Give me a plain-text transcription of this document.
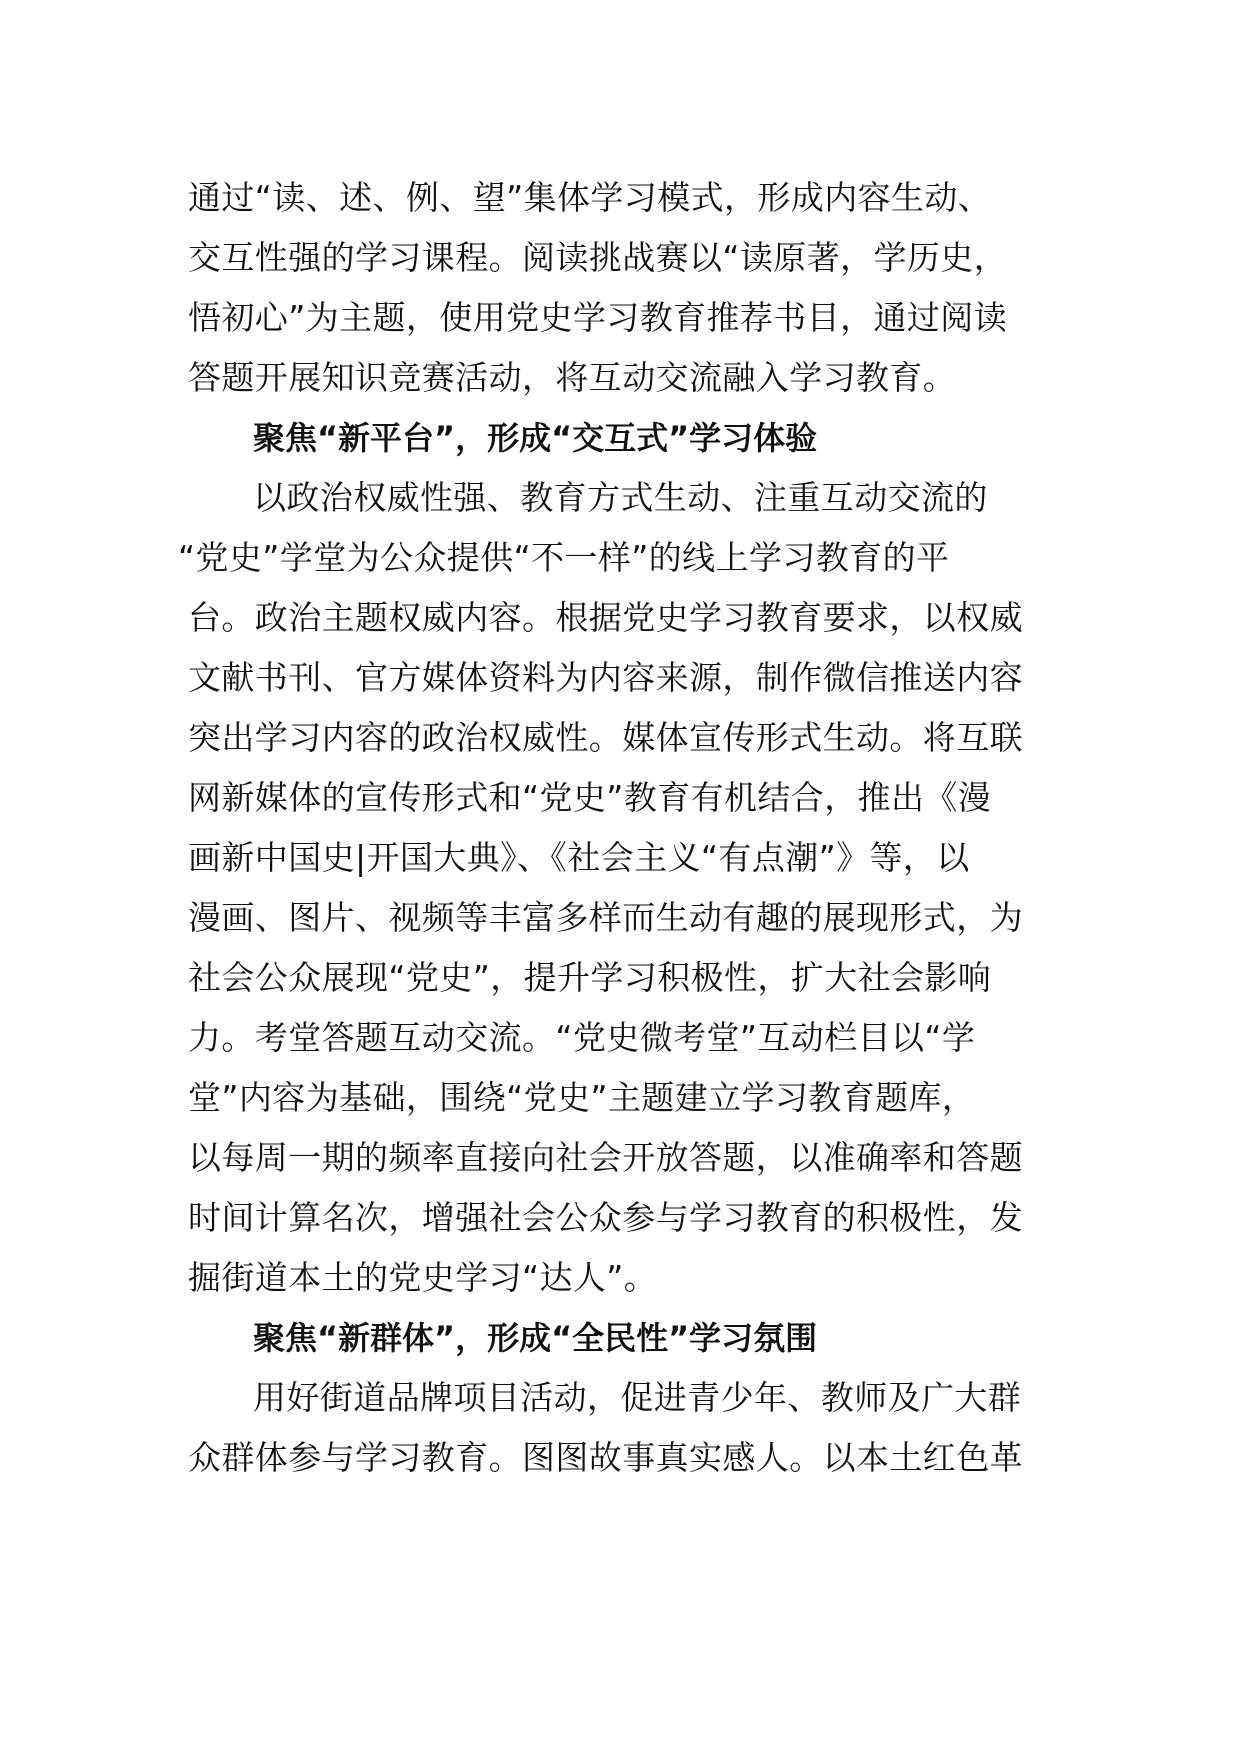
通过“读、述、例、望”集体学习模式，形成内容生动、
交互性强的学习课程。阅读挑战赛以“读原著，学历史，
悟初心”为主题，使用党史学习教育推荐书目，通过阅读
答题开展知识竞赛活动，将互动交流融入学习教育。
聚焦“新平台”，形成“交互式”学习体验
以政治权威性强、教育方式生动、注重互动交流的
“党史”学堂为公众提供“不一样”的线上学习教育的平
台。政治主题权威内容。根据党史学习教育要求，以权威
文献书刊、官方媒体资料为内容来源，制作微信推送内容
突出学习内容的政治权威性。媒体宣传形式生动。将互联
网新媒体的宣传形式和“党史”教育有机结合，推出《漫
画新中国史|开国大典》、《社会主义“有点潮”》等，以
漫画、图片、视频等丰富多样而生动有趣的展现形式，为
社会公众展现“党史”，提升学习积极性，扩大社会影响
力。考堂答题互动交流。“党史微考堂”互动栏目以“学
堂”内容为基础，围绕“党史”主题建立学习教育题库，
以每周一期的频率直接向社会开放答题，以准确率和答题
时间计算名次，增强社会公众参与学习教育的积极性，发
掘街道本土的党史学习“达人”。
聚焦“新群体”，形成“全民性”学习氛围
用好街道品牌项目活动，促进青少年、教师及广大群
众群体参与学习教育。图图故事真实感人。以本土红色革
